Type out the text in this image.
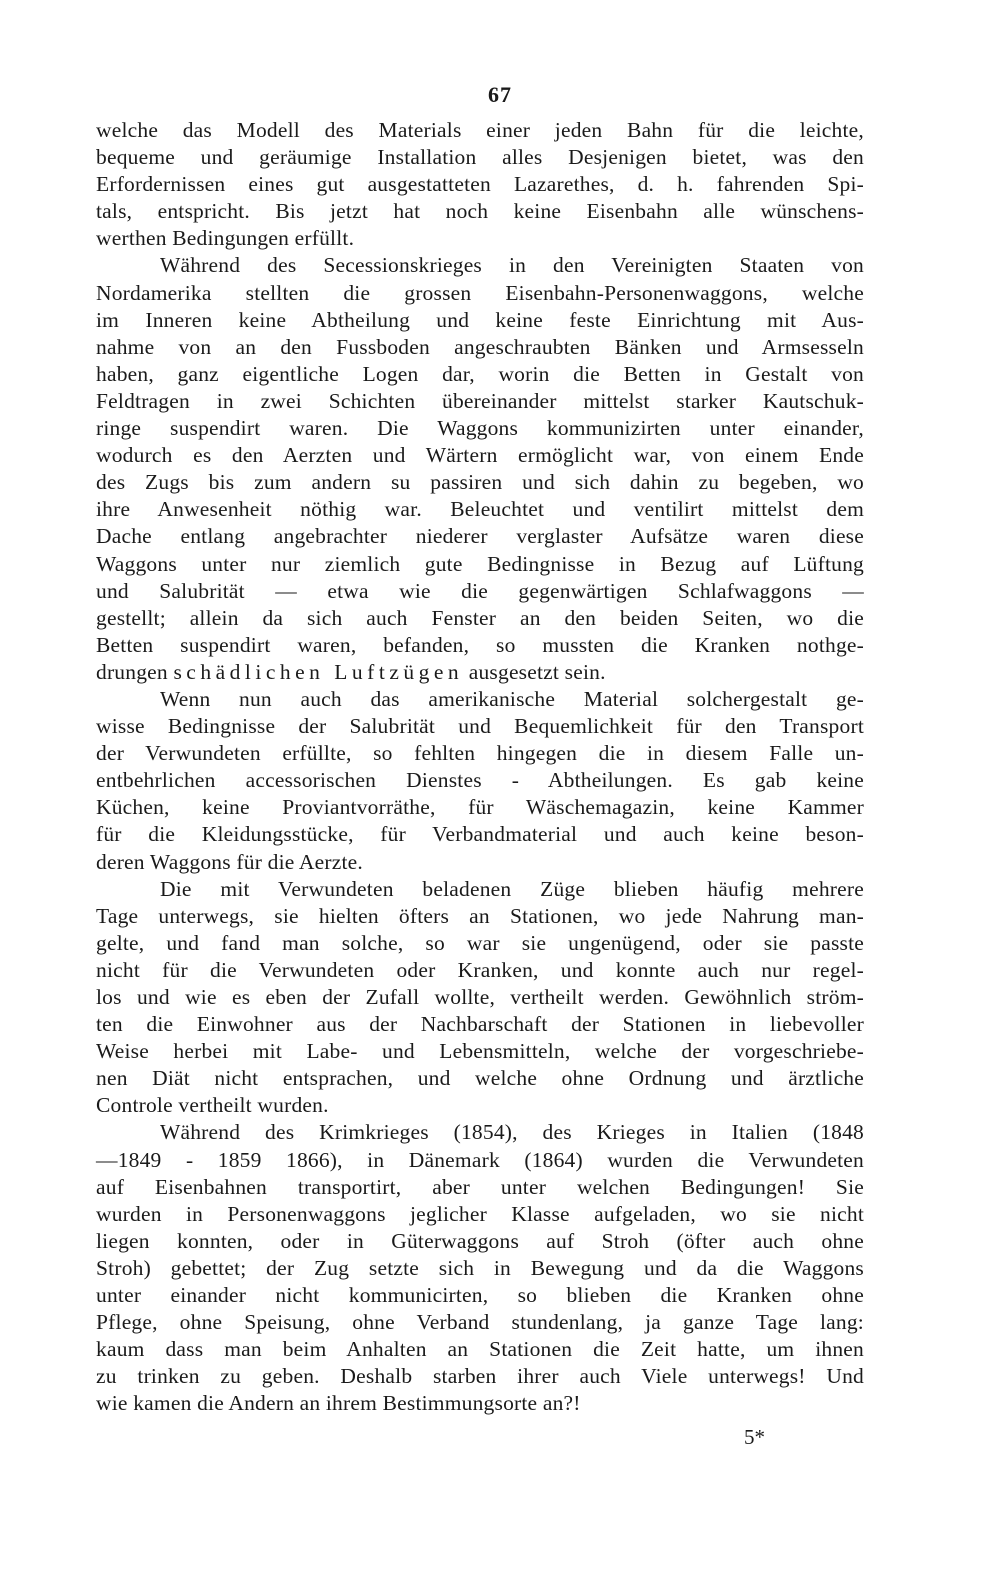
67
welche das Modell des Materials einer jeden Bahn für die leichte,
bequeme und geräumige Installation alles Desjenigen bietet, was den
Erfordernissen eines gut ausgestatteten Lazarethes, d. h. fahrenden Spi-
tals, entspricht. Bis jetzt hat noch keine Eisenbahn alle wünschens-
werthen Bedingungen erfüllt.
Während des Secessionskrieges in den Vereinigten Staaten von
Nordamerika stellten die grossen Eisenbahn-Personenwaggons, welche
im Inneren keine Abtheilung und keine feste Einrichtung mit Aus-
nahme von an den Fussboden angeschraubten Bänken und Armsesseln
haben, ganz eigentliche Logen dar, worin die Betten in Gestalt von
Feldtragen in zwei Schichten übereinander mittelst starker Kautschuk-
ringe suspendirt waren. Die Waggons kommunizirten unter einander,
wodurch es den Aerzten und Wärtern ermöglicht war, von einem Ende
des Zugs bis zum andern su passiren und sich dahin zu begeben, wo
ihre Anwesenheit nöthig war. Beleuchtet und ventilirt mittelst dem
Dache entlang angebrachter niederer verglaster Aufsätze waren diese
Waggons unter nur ziemlich gute Bedingnisse in Bezug auf Lüftung
und Salubrität — etwa wie die gegenwärtigen Schlafwaggons —
gestellt; allein da sich auch Fenster an den beiden Seiten, wo die
Betten suspendirt waren, befanden, so mussten die Kranken nothge-
drungen schädlichen Luftzügen ausgesetzt sein.
Wenn nun auch das amerikanische Material solchergestalt ge-
wisse Bedingnisse der Salubrität und Bequemlichkeit für den Transport
der Verwundeten erfüllte, so fehlten hingegen die in diesem Falle un-
entbehrlichen accessorischen Dienstes - Abtheilungen. Es gab keine
Küchen, keine Proviantvorräthe, für Wäschemagazin, keine Kammer
für die Kleidungsstücke, für Verbandmaterial und auch keine beson-
deren Waggons für die Aerzte.
Die mit Verwundeten beladenen Züge blieben häufig mehrere
Tage unterwegs, sie hielten öfters an Stationen, wo jede Nahrung man-
gelte, und fand man solche, so war sie ungenügend, oder sie passte
nicht für die Verwundeten oder Kranken, und konnte auch nur regel-
los und wie es eben der Zufall wollte, vertheilt werden. Gewöhnlich ström-
ten die Einwohner aus der Nachbarschaft der Stationen in liebevoller
Weise herbei mit Labe- und Lebensmitteln, welche der vorgeschriebe-
nen Diät nicht entsprachen, und welche ohne Ordnung und ärztliche
Controle vertheilt wurden.
Während des Krimkrieges (1854), des Krieges in Italien (1848
—1849 - 1859 1866), in Dänemark (1864) wurden die Verwundeten
auf Eisenbahnen transportirt, aber unter welchen Bedingungen! Sie
wurden in Personenwaggons jeglicher Klasse aufgeladen, wo sie nicht
liegen konnten, oder in Güterwaggons auf Stroh (öfter auch ohne
Stroh) gebettet; der Zug setzte sich in Bewegung und da die Waggons
unter einander nicht kommunicirten, so blieben die Kranken ohne
Pflege, ohne Speisung, ohne Verband stundenlang, ja ganze Tage lang:
kaum dass man beim Anhalten an Stationen die Zeit hatte, um ihnen
zu trinken zu geben. Deshalb starben ihrer auch Viele unterwegs! Und
wie kamen die Andern an ihrem Bestimmungsorte an?!
5*
